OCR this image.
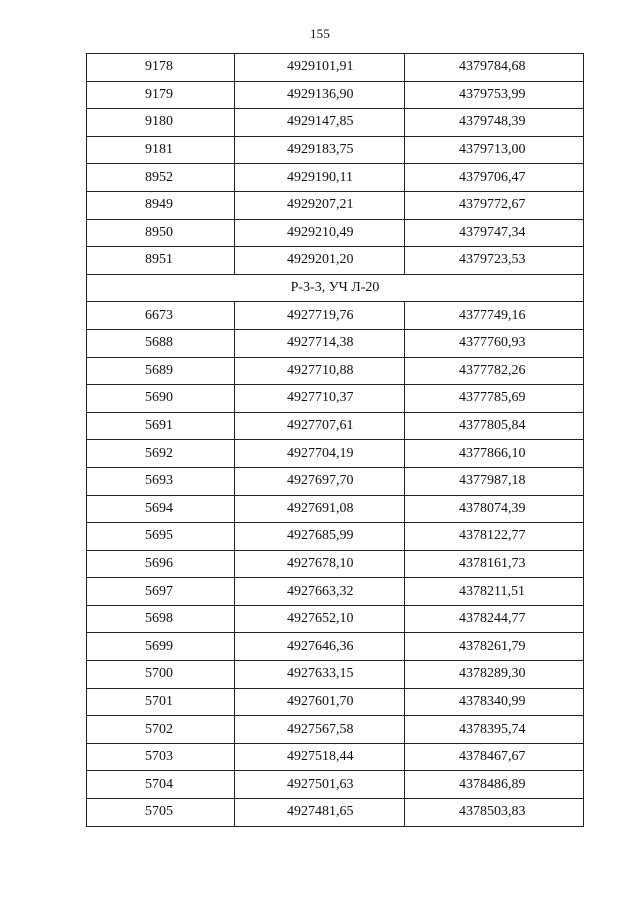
155
9178	4929101,91	4379784,68
9179	4929136,90	4379753,99
9180	4929147,85	4379748,39
9181	4929183,75	4379713,00
8952	4929190,11	4379706,47
8949	4929207,21	4379772,67
8950	4929210,49	4379747,34
8951	4929201,20	4379723,53
Р-3-3, УЧ Л-20		
6673	4927719,76	4377749,16
5688	4927714,38	4377760,93
5689	4927710,88	4377782,26
5690	4927710,37	4377785,69
5691	4927707,61	4377805,84
5692	4927704,19	4377866,10
5693	4927697,70	4377987,18
5694	4927691,08	4378074,39
5695	4927685,99	4378122,77
5696	4927678,10	4378161,73
5697	4927663,32	4378211,51
5698	4927652,10	4378244,77
5699	4927646,36	4378261,79
5700	4927633,15	4378289,30
5701	4927601,70	4378340,99
5702	4927567,58	4378395,74
5703	4927518,44	4378467,67
5704	4927501,63	4378486,89
5705	4927481,65	4378503,83
